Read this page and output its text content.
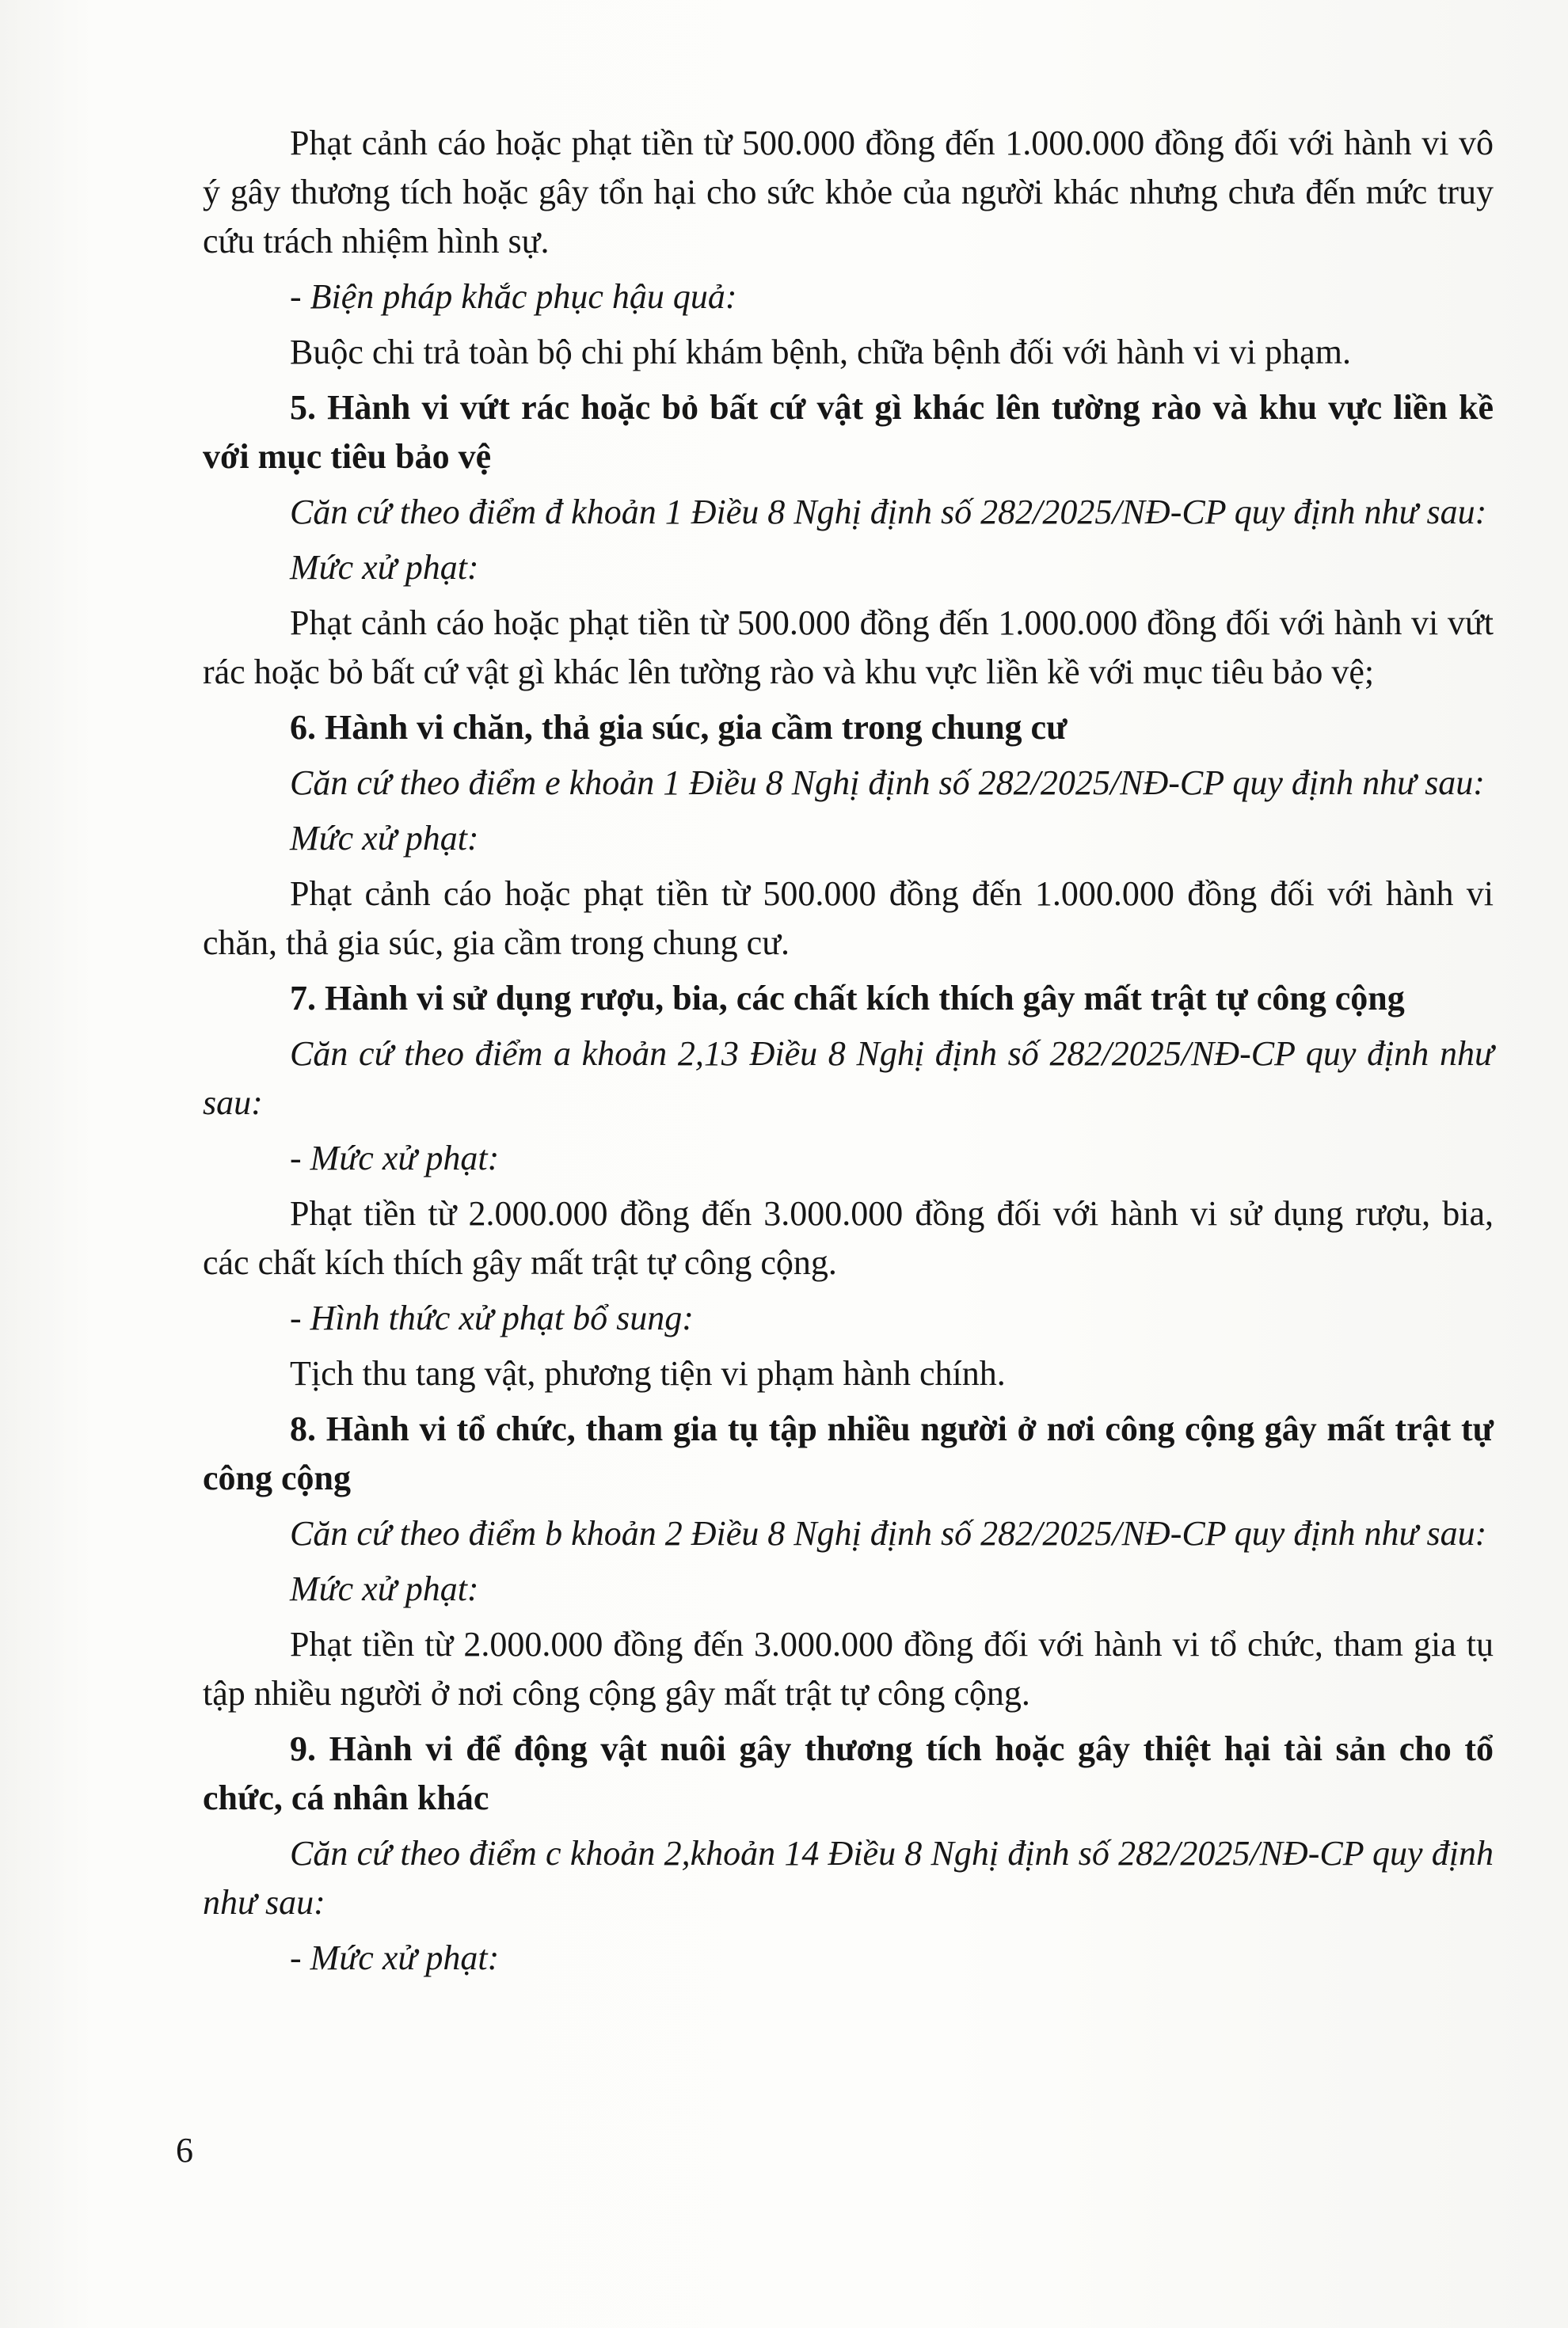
Phạt cảnh cáo hoặc phạt tiền từ 500.000 đồng đến 1.000.000 đồng đối với hành vi vô ý gây thương tích hoặc gây tổn hại cho sức khỏe của người khác nhưng chưa đến mức truy cứu trách nhiệm hình sự.

- Biện pháp khắc phục hậu quả:

Buộc chi trả toàn bộ chi phí khám bệnh, chữa bệnh đối với hành vi vi phạm.

5. Hành vi vứt rác hoặc bỏ bất cứ vật gì khác lên tường rào và khu vực liền kề với mục tiêu bảo vệ

Căn cứ theo điểm đ khoản 1 Điều 8 Nghị định số 282/2025/NĐ-CP quy định như sau:

Mức xử phạt:

Phạt cảnh cáo hoặc phạt tiền từ 500.000 đồng đến 1.000.000 đồng đối với hành vi vứt rác hoặc bỏ bất cứ vật gì khác lên tường rào và khu vực liền kề với mục tiêu bảo vệ;

6. Hành vi chăn, thả gia súc, gia cầm trong chung cư

Căn cứ theo điểm e khoản 1 Điều 8 Nghị định số 282/2025/NĐ-CP quy định như sau:

Mức xử phạt:

Phạt cảnh cáo hoặc phạt tiền từ 500.000 đồng đến 1.000.000 đồng đối với hành vi chăn, thả gia súc, gia cầm trong chung cư.

7. Hành vi sử dụng rượu, bia, các chất kích thích gây mất trật tự công cộng

Căn cứ theo điểm a khoản 2,13 Điều 8 Nghị định số 282/2025/NĐ-CP quy định như sau:

- Mức xử phạt:

Phạt tiền từ 2.000.000 đồng đến 3.000.000 đồng đối với hành vi sử dụng rượu, bia, các chất kích thích gây mất trật tự công cộng.

- Hình thức xử phạt bổ sung:

Tịch thu tang vật, phương tiện vi phạm hành chính.

8. Hành vi tổ chức, tham gia tụ tập nhiều người ở nơi công cộng gây mất trật tự công cộng

Căn cứ theo điểm b khoản 2 Điều 8 Nghị định số 282/2025/NĐ-CP quy định như sau:

Mức xử phạt:

Phạt tiền từ 2.000.000 đồng đến 3.000.000 đồng đối với hành vi tổ chức, tham gia tụ tập nhiều người ở nơi công cộng gây mất trật tự công cộng.

9. Hành vi để động vật nuôi gây thương tích hoặc gây thiệt hại tài sản cho tổ chức, cá nhân khác

Căn cứ theo điểm c khoản 2,khoản 14 Điều 8 Nghị định số 282/2025/NĐ-CP quy định như sau:

- Mức xử phạt:

6
